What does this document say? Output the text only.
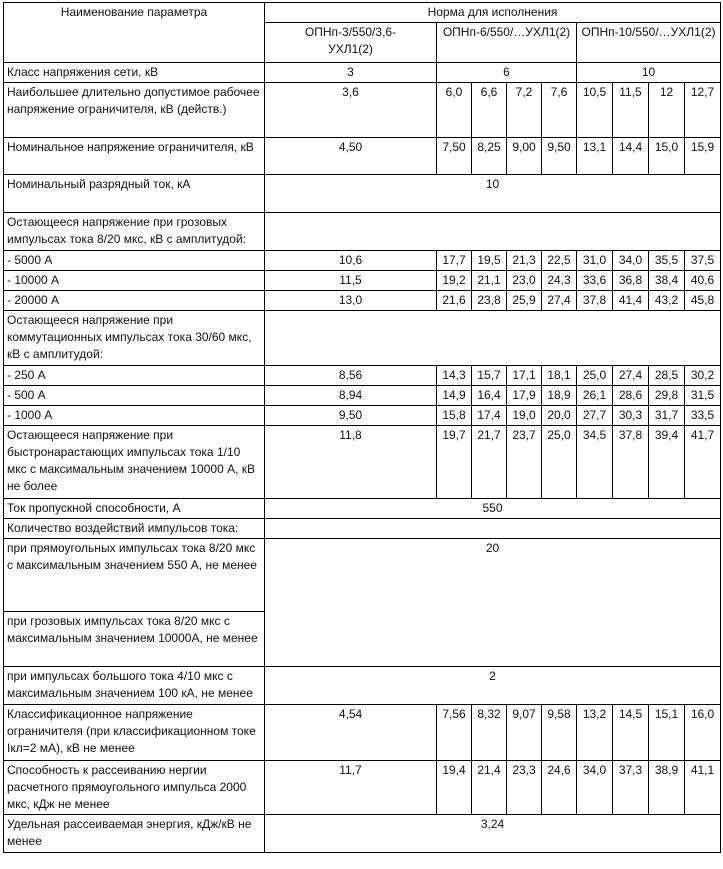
Наименование параметра	Норма для исполнения								
	ОПНп-3/550/3,6-УХЛ1(2)	ОПНп-6/550/…УХЛ1(2)				ОПНп-10/550/…УХЛ1(2)			
Класс напряжения сети, кВ	3	6				10			
Наибольшее длительно допустимое рабочее напряжение ограничителя, кВ (действ.)	3,6	6,0	6,6	7,2	7,6	10,5	11,5	12	12,7
Номинальное напряжение ограничителя, кВ	4,50	7,50	8,25	9,00	9,50	13,1	14,4	15,0	15,9
Номинальный разрядный ток, кА	10								
Остающееся напряжение при грозовых импульсах тока 8/20 мкс, кВ с амплитудой:									
- 5000 А	10,6	17,7	19,5	21,3	22,5	31,0	34,0	35,5	37,5
- 10000 А	11,5	19,2	21,1	23,0	24,3	33,6	36,8	38,4	40,6
- 20000 А	13,0	21,6	23,8	25,9	27,4	37,8	41,4	43,2	45,8
Остающееся напряжение при коммутационных импульсах тока 30/60 мкс, кВ с амплитудой:									
- 250 А	8,56	14,3	15,7	17,1	18,1	25,0	27,4	28,5	30,2
- 500 А	8,94	14,9	16,4	17,9	18,9	26,1	28,6	29,8	31,5
- 1000 А	9,50	15,8	17,4	19,0	20,0	27,7	30,3	31,7	33,5
Остающееся напряжение при быстронарастающих импульсах тока 1/10 мкс с максимальным значением 10000 А, кВ не более	11,8	19,7	21,7	23,7	25,0	34,5	37,8	39,4	41,7
Ток пропускной способности, А	550								
Количество воздействий импульсов тока:									
при прямоугольных импульсах тока 8/20 мкс с максимальным значением 550 А, не менее	20								
при грозовых импульсах тока 8/20 мкс с максимальным значением 10000А, не менее									
при импульсах большого тока 4/10 мкс с максимальным значением 100 кА, не менее	2								
Классификационное напряжение ограничителя (при классификационном токе Iкл=2 мА), кВ не менее	4,54	7,56	8,32	9,07	9,58	13,2	14,5	15,1	16,0
Способность к рассеиванию нергии расчетного прямоугольного импульса 2000 мкс, кДж не менее	11,7	19,4	21,4	23,3	24,6	34,0	37,3	38,9	41,1
Удельная рассеиваемая энергия, кДж/кВ не менее	3,24								
